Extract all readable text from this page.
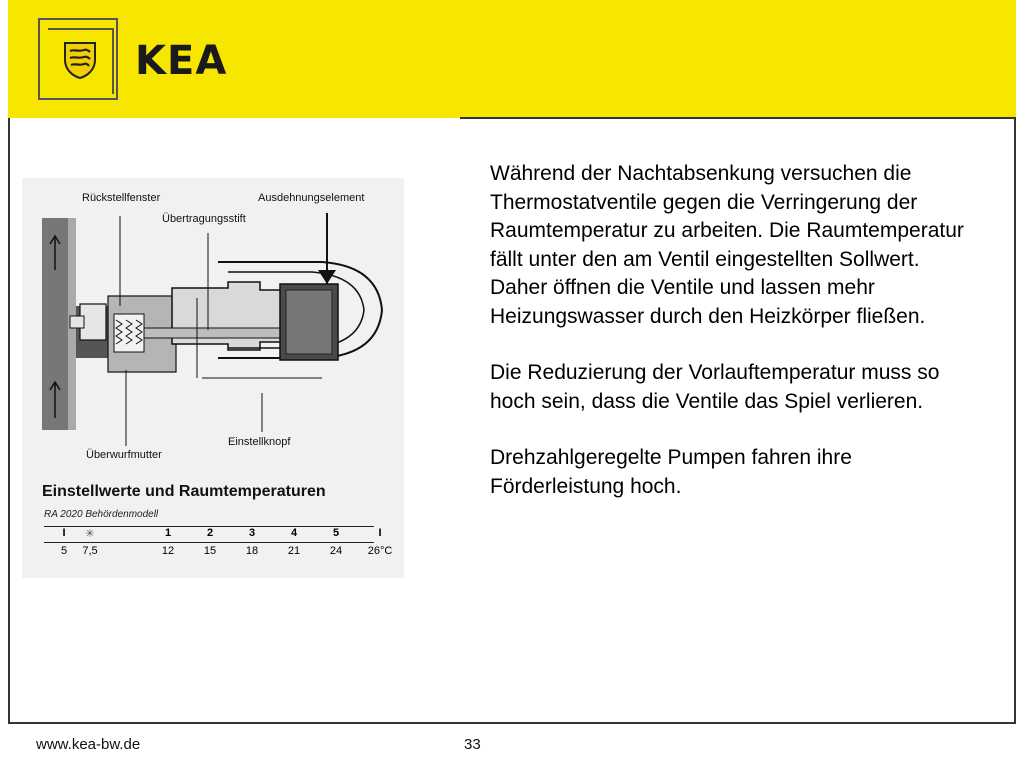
KEA
Rückstellfenster
Übertragungsstift
Ausdehnungselement
Einstellknopf
Überwurfmutter
Einstellwerte und Raumtemperaturen
RA 2020 Behördenmodell
I	✳	1	2	3	4	5	I
5	7,5	12	15	18	21	24	26°C

Während der Nachtabsenkung versuchen die Thermostatventile gegen die Verringerung der Raumtemperatur zu arbeiten. Die Raumtemperatur fällt unter den am Ventil eingestellten Sollwert. Daher öffnen die Ventile und lassen mehr Heizungswasser durch den Heizkörper fließen.

Die Reduzierung der Vorlauftemperatur muss so hoch sein, dass die Ventile das Spiel verlieren.

Drehzahlgeregelte Pumpen fahren ihre Förderleistung hoch.

www.kea-bw.de	33
